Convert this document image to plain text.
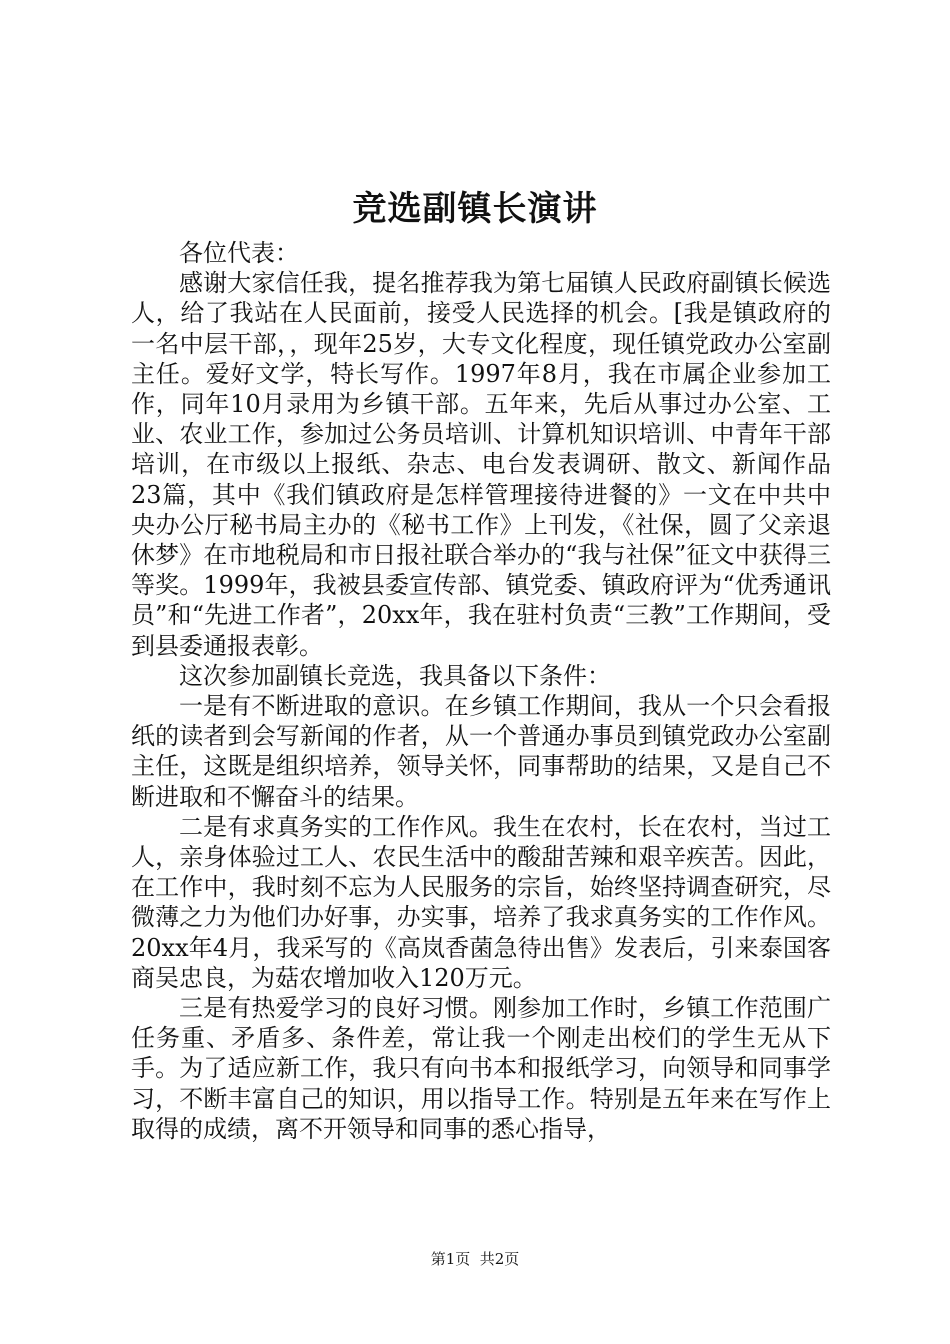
竞选副镇长演讲

各位代表：

感谢大家信任我，提名推荐我为第七届镇人民政府副镇长候选人，给了我站在人民面前，接受人民选择的机会。[我是镇政府的一名中层干部，，现年25岁，大专文化程度，现任镇党政办公室副主任。爱好文学，特长写作。1997年8月，我在市属企业参加工作，同年10月录用为乡镇干部。五年来，先后从事过办公室、工业、农业工作，参加过公务员培训、计算机知识培训、中青年干部培训，在市级以上报纸、杂志、电台发表调研、散文、新闻作品23篇，其中《我们镇政府是怎样管理接待进餐的》一文在中共中央办公厅秘书局主办的《秘书工作》上刊发，《社保，圆了父亲退休梦》在市地税局和市日报社联合举办的“我与社保”征文中获得三等奖。1999年，我被县委宣传部、镇党委、镇政府评为“优秀通讯员”和“先进工作者”，20xx年，我在驻村负责“三教”工作期间，受到县委通报表彰。

这次参加副镇长竞选，我具备以下条件：

一是有不断进取的意识。在乡镇工作期间，我从一个只会看报纸的读者到会写新闻的作者，从一个普通办事员到镇党政办公室副主任，这既是组织培养，领导关怀，同事帮助的结果，又是自己不断进取和不懈奋斗的结果。

二是有求真务实的工作作风。我生在农村，长在农村，当过工人，亲身体验过工人、农民生活中的酸甜苦辣和艰辛疾苦。因此，在工作中，我时刻不忘为人民服务的宗旨，始终坚持调查研究，尽微薄之力为他们办好事，办实事，培养了我求真务实的工作作风。20xx年4月，我采写的《高岚香菌急待出售》发表后，引来泰国客商吴忠良，为菇农增加收入120万元。

三是有热爱学习的良好习惯。刚参加工作时，乡镇工作范围广任务重、矛盾多、条件差，常让我一个刚走出校们的学生无从下手。为了适应新工作，我只有向书本和报纸学习，向领导和同事学习，不断丰富自己的知识，用以指导工作。特别是五年来在写作上取得的成绩，离不开领导和同事的悉心指导，

第1页  共2页
